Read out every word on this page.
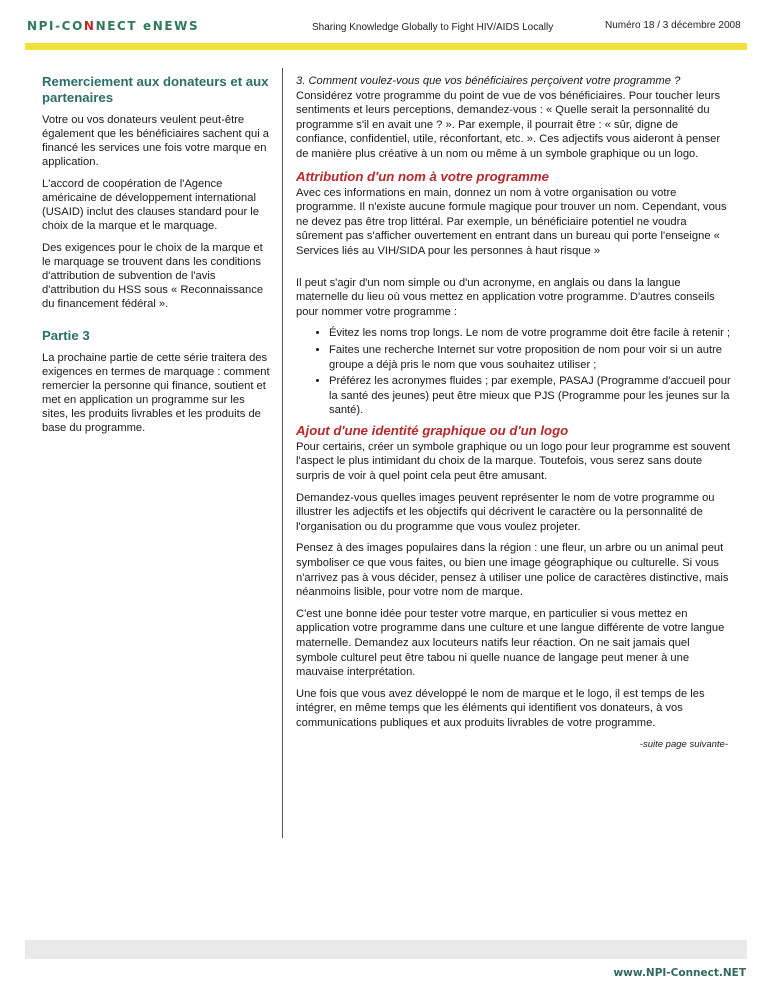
NPI-CONNECT eNEWS	Sharing Knowledge Globally to Fight HIV/AIDS Locally	Numéro 18 / 3 décembre 2008
Remerciement aux donateurs et aux partenaires

Votre ou vos donateurs veulent peut-être également que les bénéficiaires sachent qui a financé les services une fois votre marque en application.

L'accord de coopération de l'Agence américaine de développement international (USAID) inclut des clauses standard pour le choix de la marque et le marquage.

Des exigences pour le choix de la marque et le marquage se trouvent dans les conditions d'attribution de subvention de l'avis d'attribution du HSS sous « Reconnaissance du financement fédéral ».

Partie 3

La prochaine partie de cette série traitera des exigences en termes de marquage : comment remercier la personne qui finance, soutient et met en application un programme sur les sites, les produits livrables et les produits de base du programme.

3. Comment voulez-vous que vos bénéficiaires perçoivent votre programme ? Considérez votre programme du point de vue de vos bénéficiaires. Pour toucher leurs sentiments et leurs perceptions, demandez-vous : « Quelle serait la personnalité du programme s'il en avait une ? ». Par exemple, il pourrait être : « sûr, digne de confiance, confidentiel, utile, réconfortant, etc. ». Ces adjectifs vous aideront à penser de manière plus créative à un nom ou même à un symbole graphique ou un logo.

Attribution d'un nom à votre programme

Avec ces informations en main, donnez un nom à votre organisation ou votre programme. Il n'existe aucune formule magique pour trouver un nom. Cependant, vous ne devez pas être trop littéral. Par exemple, un bénéficiaire potentiel ne voudra sûrement pas s'afficher ouvertement en entrant dans un bureau qui porte l'enseigne « Services liés au VIH/SIDA pour les personnes à haut risque »

Il peut s'agir d'un nom simple ou d'un acronyme, en anglais ou dans la langue maternelle du lieu où vous mettez en application votre programme. D'autres conseils pour nommer votre programme :

• Évitez les noms trop longs. Le nom de votre programme doit être facile à retenir ;
• Faites une recherche Internet sur votre proposition de nom pour voir si un autre groupe a déjà pris le nom que vous souhaitez utiliser ;
• Préférez les acronymes fluides ; par exemple, PASAJ (Programme d'accueil pour la santé des jeunes) peut être mieux que PJS (Programme pour les jeunes sur la santé).
Ajout d'une identité graphique ou d'un logo

Pour certains, créer un symbole graphique ou un logo pour leur programme est souvent l'aspect le plus intimidant du choix de la marque. Toutefois, vous serez sans doute surpris de voir à quel point cela peut être amusant.

Demandez-vous quelles images peuvent représenter le nom de votre programme ou illustrer les adjectifs et les objectifs qui décrivent le caractère ou la personnalité de l'organisation ou du programme que vous voulez projeter.

Pensez à des images populaires dans la région : une fleur, un arbre ou un animal peut symboliser ce que vous faites, ou bien une image géographique ou culturelle. Si vous n'arrivez pas à vous décider, pensez à utiliser une police de caractères distinctive, mais néanmoins lisible, pour votre nom de marque.

C'est une bonne idée pour tester votre marque, en particulier si vous mettez en application votre programme dans une culture et une langue différente de votre langue maternelle. Demandez aux locuteurs natifs leur réaction. On ne sait jamais quel symbole culturel peut être tabou ni quelle nuance de langage peut mener à une mauvaise interprétation.

Une fois que vous avez développé le nom de marque et le logo, il est temps de les intégrer, en même temps que les éléments qui identifient vos donateurs, à vos communications publiques et aux produits livrables de votre programme.

-suite page suivante-
www.NPI-Connect.NET
